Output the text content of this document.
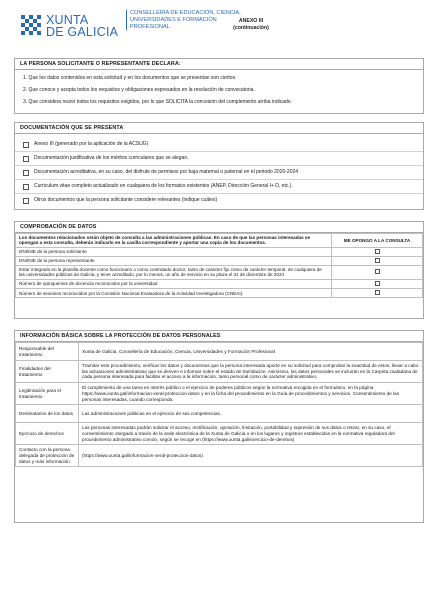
XUNTA
DE GALICIA
CONSELLERÍA DE EDUCACIÓN, CIENCIA, UNIVERSIDADES E FORMACIÓN PROFESIONAL
ANEXO III
(continuación)
LA PERSONA SOLICITANTE O REPRESENTANTE DECLARA:
1. Que los datos contenidos en esta solicitud y en los documentos que se presentan son ciertos.
2. Que conoce y acepta todos los requisitos y obligaciones expresados en la resolución de convocatoria.
3. Que considera reunir todos los requisitos exigidos, por lo que SOLICITA la concesión del complemento arriba indicado.
DOCUMENTACIÓN QUE SE PRESENTA
Anexo III (generado por la aplicación de la ACSUG)
Documentación justificativa de los méritos curriculares que se alegan.
Documentación acreditativa, en su caso, del disfrute de permisos por baja maternal o paternal en el periodo 2020-2024
Curriculum vitae completo actualizado en cualquiera de los formatos existentes (ANEP, Dirección General I+ D, etc.).
Otros documentos que la persona solicitante considere relevantes (indique cuáles)
COMPROBACIÓN DE DATOS
Los documentos relacionados serán objeto de consulta a las administraciones públicas. En caso de que las personas interesadas se opongan a esta consulta, deberán indicarlo en la casilla correspondiente y aportar una copia de los documentos.	ME OPONGO A LA CONSULTA
DNI/NIE de la persona solicitante	
DNI/NIE de la persona representante	
Estar integrado en la plantilla docente como funcionario o como contratado doctor, tanto de carácter fijo como de carácter temporal, de cualquiera de las universidades públicas de Galicia, y tener acreditado, por lo menos, un año de servicio en su plaza el 31 de diciembre de 2024	
Número de quinquenios de docencia reconocidos por la universidad	
Número de sexenios reconocidos por la Comisión Nacional Evaluadora de la Actividad Investigadora (CNEAI).	
INFORMACIÓN BÁSICA SOBRE LA PROTECCIÓN DE DATOS PERSONALES
Responsable del tratamiento	Xunta de Galicia. Consellería de Educación, Ciencia, Universidades y Formación Profesional
Finalidades del tratamiento	Tramitar este procedimiento, verificar los datos y documentos que la persona interesada aporte en su solicitud para comprobar la exactitud de estos, llevar a cabo las actuaciones administrativas que se deriven e informar sobre el estado de tramitación. Asimismo, los datos personales se incluirán en la Carpeta ciudadana de cada persona interesada para facilitar el acceso a la información, tanto personal como de carácter administrativo.
Legitimación para el tratamiento	El cumplimiento de una tarea en interés público o el ejercicio de poderes públicos según la normativa recogida en el formulario, en la página https://www.xunta.gal/informacion-xeral-proteccion-datos y en la ficha del procedimiento en la Guía de procedimientos y servicios. Consentimiento de las personas interesadas, cuando corresponda.
Destinatarios de los datos	Las administraciones públicas en el ejercicio de sus competencias.
Ejercicio de derechos	Las personas interesadas podrán solicitar el acceso, rectificación, oposición, limitación, portabilidad y supresión de sus datos o retirar, en su caso, el consentimiento otorgado a través de la sede electrónica de la Xunta de Galicia o en los lugares y registros establecidos en la normativa reguladora del procedimiento administrativo común, según se recoge en (https://www.xunta.gal/exercicio-de-dereitos)
Contacto con la persona delegada de protección de datos y más información	(https://www.xunta.gal/informacion-xeral-proteccion-datos)
